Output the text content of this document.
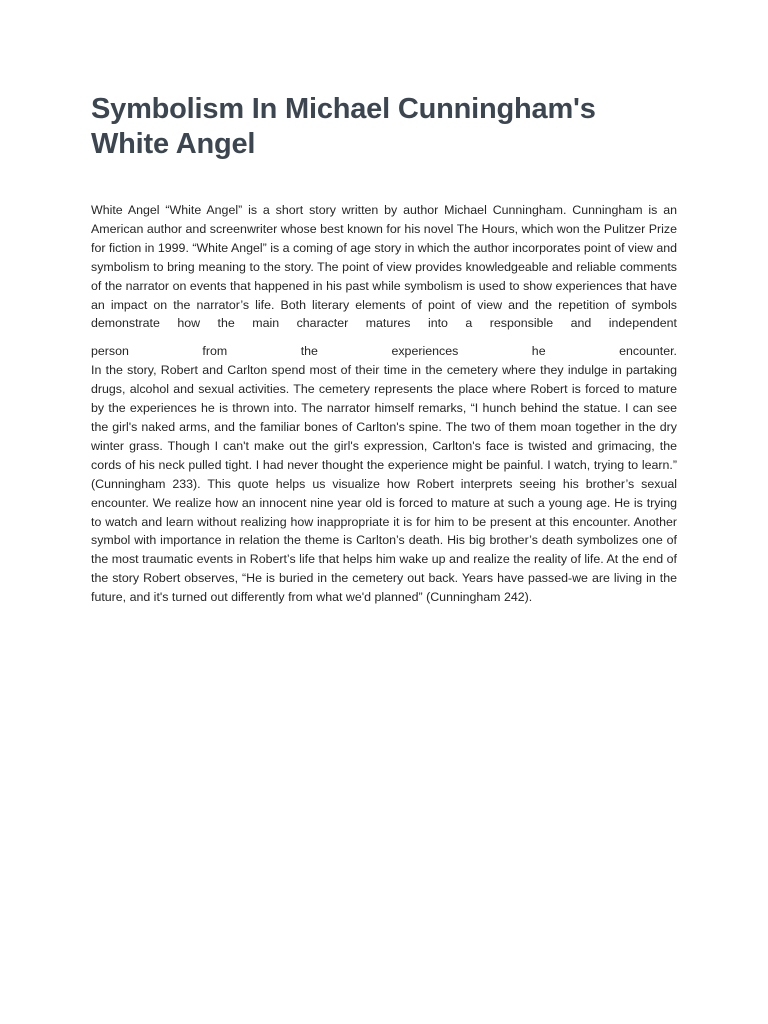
Symbolism In Michael Cunningham's White Angel

White Angel “White Angel” is a short story written by author Michael Cunningham. Cunningham is an American author and screenwriter whose best known for his novel The Hours, which won the Pulitzer Prize for fiction in 1999. “White Angel” is a coming of age story in which the author incorporates point of view and symbolism to bring meaning to the story. The point of view provides knowledgeable and reliable comments of the narrator on events that happened in his past while symbolism is used to show experiences that have an impact on the narrator’s life. Both literary elements of point of view and the repetition of symbols demonstrate how the main character matures into a responsible and independent
person from the experiences he encounter.

In the story, Robert and Carlton spend most of their time in the cemetery where they indulge in partaking drugs, alcohol and sexual activities. The cemetery represents the place where Robert is forced to mature by the experiences he is thrown into. The narrator himself remarks, “I hunch behind the statue. I can see the girl's naked arms, and the familiar bones of Carlton's spine. The two of them moan together in the dry winter grass. Though I can't make out the girl's expression, Carlton's face is twisted and grimacing, the cords of his neck pulled tight. I had never thought the experience might be painful. I watch, trying to learn.” (Cunningham 233). This quote helps us visualize how Robert interprets seeing his brother’s sexual encounter. We realize how an innocent nine year old is forced to mature at such a young age. He is trying to watch and learn without realizing how inappropriate it is for him to be present at this encounter. Another symbol with importance in relation the theme is Carlton’s death. His big brother’s death symbolizes one of the most traumatic events in Robert’s life that helps him wake up and realize the reality of life. At the end of the story Robert observes, “He is buried in the cemetery out back. Years have passed-we are living in the future, and it's turned out differently from what we'd planned” (Cunningham 242).
